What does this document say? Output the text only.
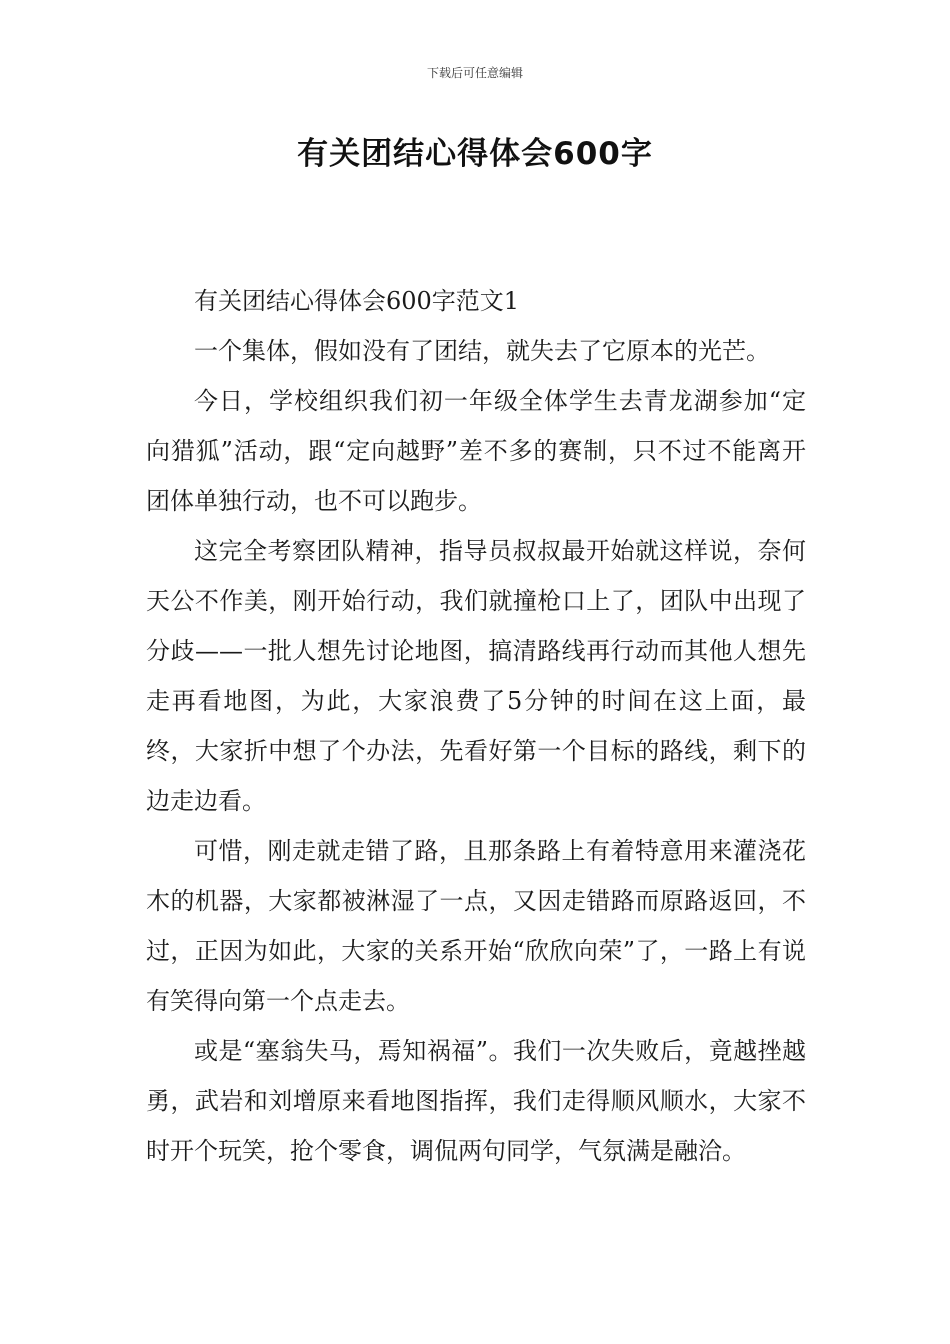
下载后可任意编辑
有关团结心得体会600字

有关团结心得体会600字范文1

一个集体，假如没有了团结，就失去了它原本的光芒。

今日，学校组织我们初一年级全体学生去青龙湖参加“定向猎狐”活动，跟“定向越野”差不多的赛制，只不过不能离开团体单独行动，也不可以跑步。

这完全考察团队精神，指导员叔叔最开始就这样说，奈何天公不作美，刚开始行动，我们就撞枪口上了，团队中出现了分歧——一批人想先讨论地图，搞清路线再行动而其他人想先走再看地图，为此，大家浪费了5分钟的时间在这上面，最终，大家折中想了个办法，先看好第一个目标的路线，剩下的边走边看。

可惜，刚走就走错了路，且那条路上有着特意用来灌浇花木的机器，大家都被淋湿了一点，又因走错路而原路返回，不过，正因为如此，大家的关系开始“欣欣向荣”了，一路上有说有笑得向第一个点走去。

或是“塞翁失马，焉知祸福”。我们一次失败后，竟越挫越勇，武岩和刘增原来看地图指挥，我们走得顺风顺水，大家不时开个玩笑，抢个零食，调侃两句同学，气氛满是融洽。
